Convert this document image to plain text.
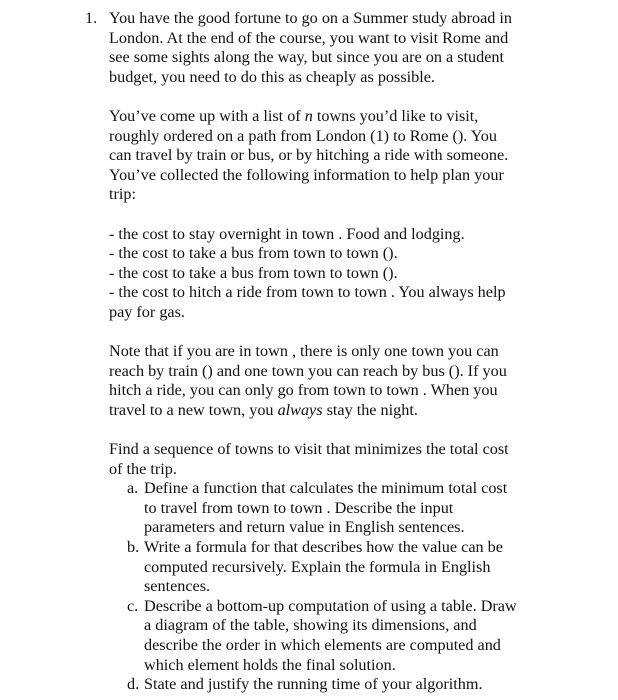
1. You have the good fortune to go on a Summer study abroad in
London. At the end of the course, you want to visit Rome and
see some sights along the way, but since you are on a student
budget, you need to do this as cheaply as possible.
You’ve come up with a list of n towns you’d like to visit,
roughly ordered on a path from London (1) to Rome (). You
can travel by train or bus, or by hitching a ride with someone.
You’ve collected the following information to help plan your
trip:
- the cost to stay overnight in town . Food and lodging.
- the cost to take a bus from town to town ().
- the cost to take a bus from town to town ().
- the cost to hitch a ride from town to town . You always help
pay for gas.
Note that if you are in town , there is only one town you can
reach by train () and one town you can reach by bus (). If you
hitch a ride, you can only go from town to town . When you
travel to a new town, you always stay the night.
Find a sequence of towns to visit that minimizes the total cost
of the trip.
a. Define a function that calculates the minimum total cost
to travel from town to town . Describe the input
parameters and return value in English sentences.
b. Write a formula for that describes how the value can be
computed recursively. Explain the formula in English
sentences.
c. Describe a bottom-up computation of using a table. Draw
a diagram of the table, showing its dimensions, and
describe the order in which elements are computed and
which element holds the final solution.
d. State and justify the running time of your algorithm.
